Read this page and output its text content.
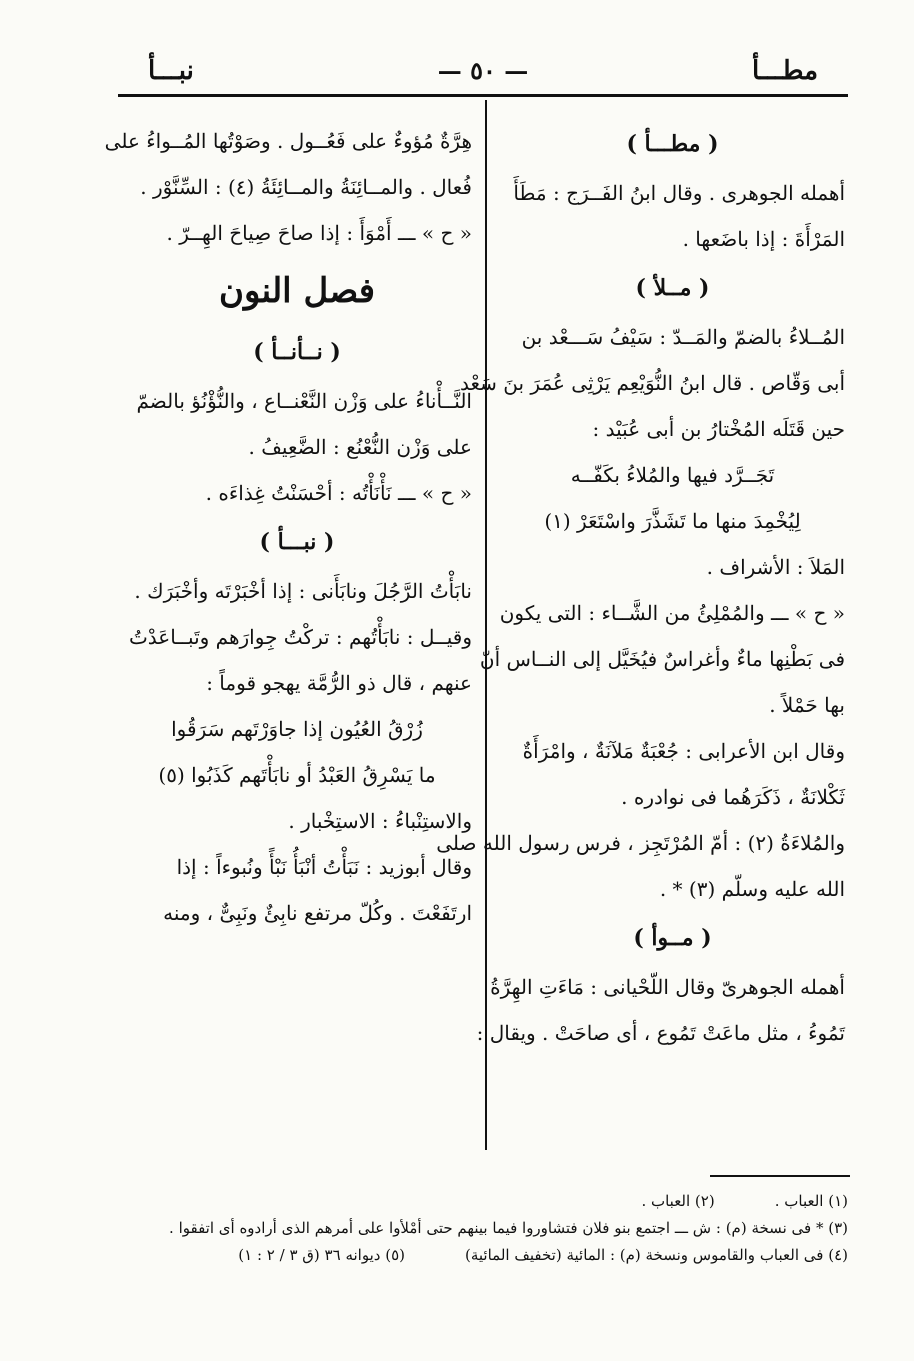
مطـــأ
— ٥٠ —
نبـــأ
( مطـــأ )
أهمله الجوهرى . وقال ابنُ الفَــرَج : مَطَأَ
المَرْأَةَ : إذا باضَعها .
( مــلأ )
المُــلاءُ بالضمّ والمَــدّ : سَيْفُ سَـــعْد بن
أبى وَقّاص . قال ابنُ النُّوَيْعِم يَرْثِى عُمَرَ بنَ سَعْد
حين قَتَلَه المُخْتارُ بن أبى عُبَيْد :
تَجَــرَّد فيها والمُلاءُ بكَفّــه
لِيُخْمِدَ منها ما تَشَذَّرَ واسْتَعَرْ (١)
المَلاَ : الأشراف .
« ح » ـــ والمُمْلِئُ من الشَّــاء : التى يكون
فى بَطْنِها ماءٌ وأغراسٌ فيُخَيَّل إلى النــاس أنّ
بها حَمْلاً .
وقال ابن الأعرابى : جُعْبَةٌ مَلآنَةٌ ، وامْرَأَةٌ
ثَكْلانَةٌ ، ذَكَرَهُما فى نوادره .
والمُلاءَةُ (٢) : أمّ المُرْتَجِز ، فرس رسول الله صلى
الله عليه وسلّم (٣) * .
( مــوأ )
أهمله الجوهرىّ وقال اللّحْيانى : مَاءَتِ الهِرَّةُ
تَمُوءُ ، مثل ماعَتْ تَمُوع ، أى صاحَتْ . ويقال :
هِرَّةٌ مُؤوءٌ على فَعُــول . وصَوْتُها المُــواءُ على
فُعال . والمــائِنَةُ والمــائِئَةُ (٤) : السِّنَّوْر .
« ح » ـــ أَمْوَأَ : إذا صاحَ صِياحَ الهِــرّ .
فصل النون
( نــأنــأ )
النَّــأْناءُ على وَزْن النَّعْنــاع ، والنُّؤْنُؤ بالضمّ
على وَزْن النُّعْنُع : الضَّعِيفُ .
« ح » ـــ نَأْنَأْتُه : أحْسَنْتُ غِذاءَه .
( نبـــأ )
نابَأْتُ الرَّجُلَ ونابَأَنى : إذا أخْبَرْتَه وأخْبَرَك .
وقيــل : نابَأْتُهم : تركْتُ جِوارَهم وتَبــاعَدْتُ
عنهم ، قال ذو الرُّمَّة يهجو قوماً :
زُرْقُ العُيُون إذا جاوَرْتَهم سَرَقُوا
ما يَسْرِقُ العَبْدُ أو نابَأْتَهم كَذَبُوا (٥)
والاستِنْباءُ : الاستِخْبار .
وقال أبوزيد : نَبَأْتُ أنْبَأُ نَبْأً ونُبوءاً : إذا
ارتَفَعْتَ . وكُلّ مرتفع نابِئٌ ونَبِىٌّ ، ومنه
(١) العباب .(٢) العباب .
(٣) * فى نسخة (م) : ش ـــ اجتمع بنو فلان فتشاوروا فيما بينهم حتى أمْلأوا على أمرهم الذى أرادوه أى اتفقوا .
(٤) فى العباب والقاموس ونسخة (م) : المائية (تخفيف المائية)(٥) ديوانه ٣٦ (ق ٣ / ٢ : ١)
